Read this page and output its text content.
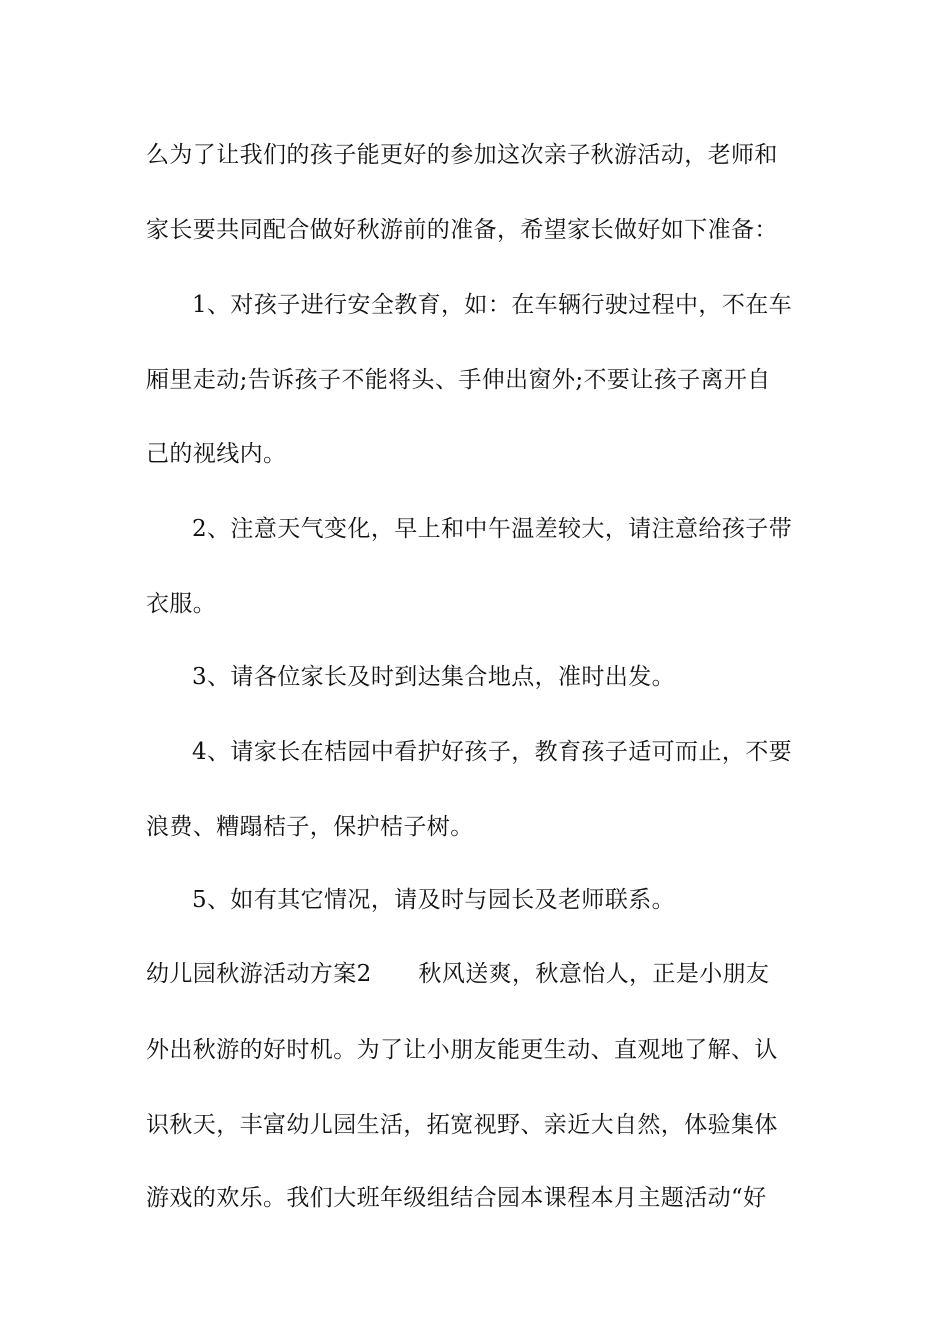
么为了让我们的孩子能更好的参加这次亲子秋游活动，老师和
家长要共同配合做好秋游前的准备，希望家长做好如下准备：
1、对孩子进行安全教育，如：在车辆行驶过程中，不在车
厢里走动;告诉孩子不能将头、手伸出窗外;不要让孩子离开自
己的视线内。
2、注意天气变化，早上和中午温差较大，请注意给孩子带
衣服。
3、请各位家长及时到达集合地点，准时出发。
4、请家长在桔园中看护好孩子，教育孩子适可而止，不要
浪费、糟蹋桔子，保护桔子树。
5、如有其它情况，请及时与园长及老师联系。
幼儿园秋游活动方案2　　秋风送爽，秋意怡人，正是小朋友
外出秋游的好时机。为了让小朋友能更生动、直观地了解、认
识秋天，丰富幼儿园生活，拓宽视野、亲近大自然，体验集体
游戏的欢乐。我们大班年级组结合园本课程本月主题活动“好
